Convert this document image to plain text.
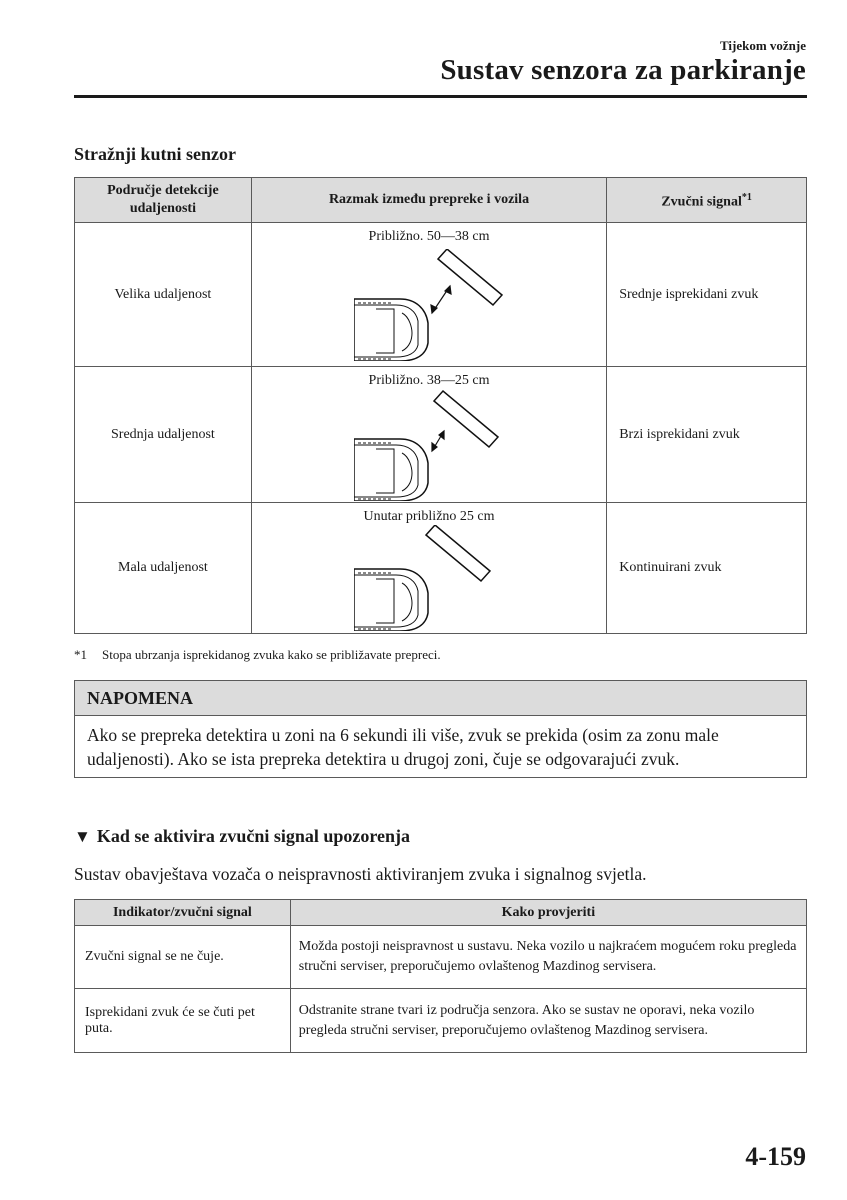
Tijekom vožnje
Sustav senzora za parkiranje
Stražnji kutni senzor
Područje detekcije udaljenosti	Razmak između prepreke i vozila	Zvučni signal$^{*1}$
Velika udaljenost	Približno. 50―38 cm	Srednje isprekidani zvuk
Srednja udaljenost	Približno. 38―25 cm	Brzi isprekidani zvuk
Mala udaljenost	Unutar približno 25 cm	Kontinuirani zvuk
*1 Stopa ubrzanja isprekidanog zvuka kako se približavate prepreci.
NAPOMENA
Ako se prepreka detektira u zoni na 6 sekundi ili više, zvuk se prekida (osim za zonu male udaljenosti). Ako se ista prepreka detektira u drugoj zoni, čuje se odgovarajući zvuk.
▼ Kad se aktivira zvučni signal upozorenja
Sustav obavještava vozača o neispravnosti aktiviranjem zvuka i signalnog svjetla.
Indikator/zvučni signal	Kako provjeriti
Zvučni signal se ne čuje.	Možda postoji neispravnost u sustavu. Neka vozilo u najkraćem mogućem roku pregleda stručni serviser, preporučujemo ovlaštenog Mazdinog servisera.
Isprekidani zvuk će se čuti pet puta.	Odstranite strane tvari iz područja senzora. Ako se sustav ne oporavi, neka vozilo pregleda stručni serviser, preporučujemo ovlaštenog Mazdinog servisera.
4-159
